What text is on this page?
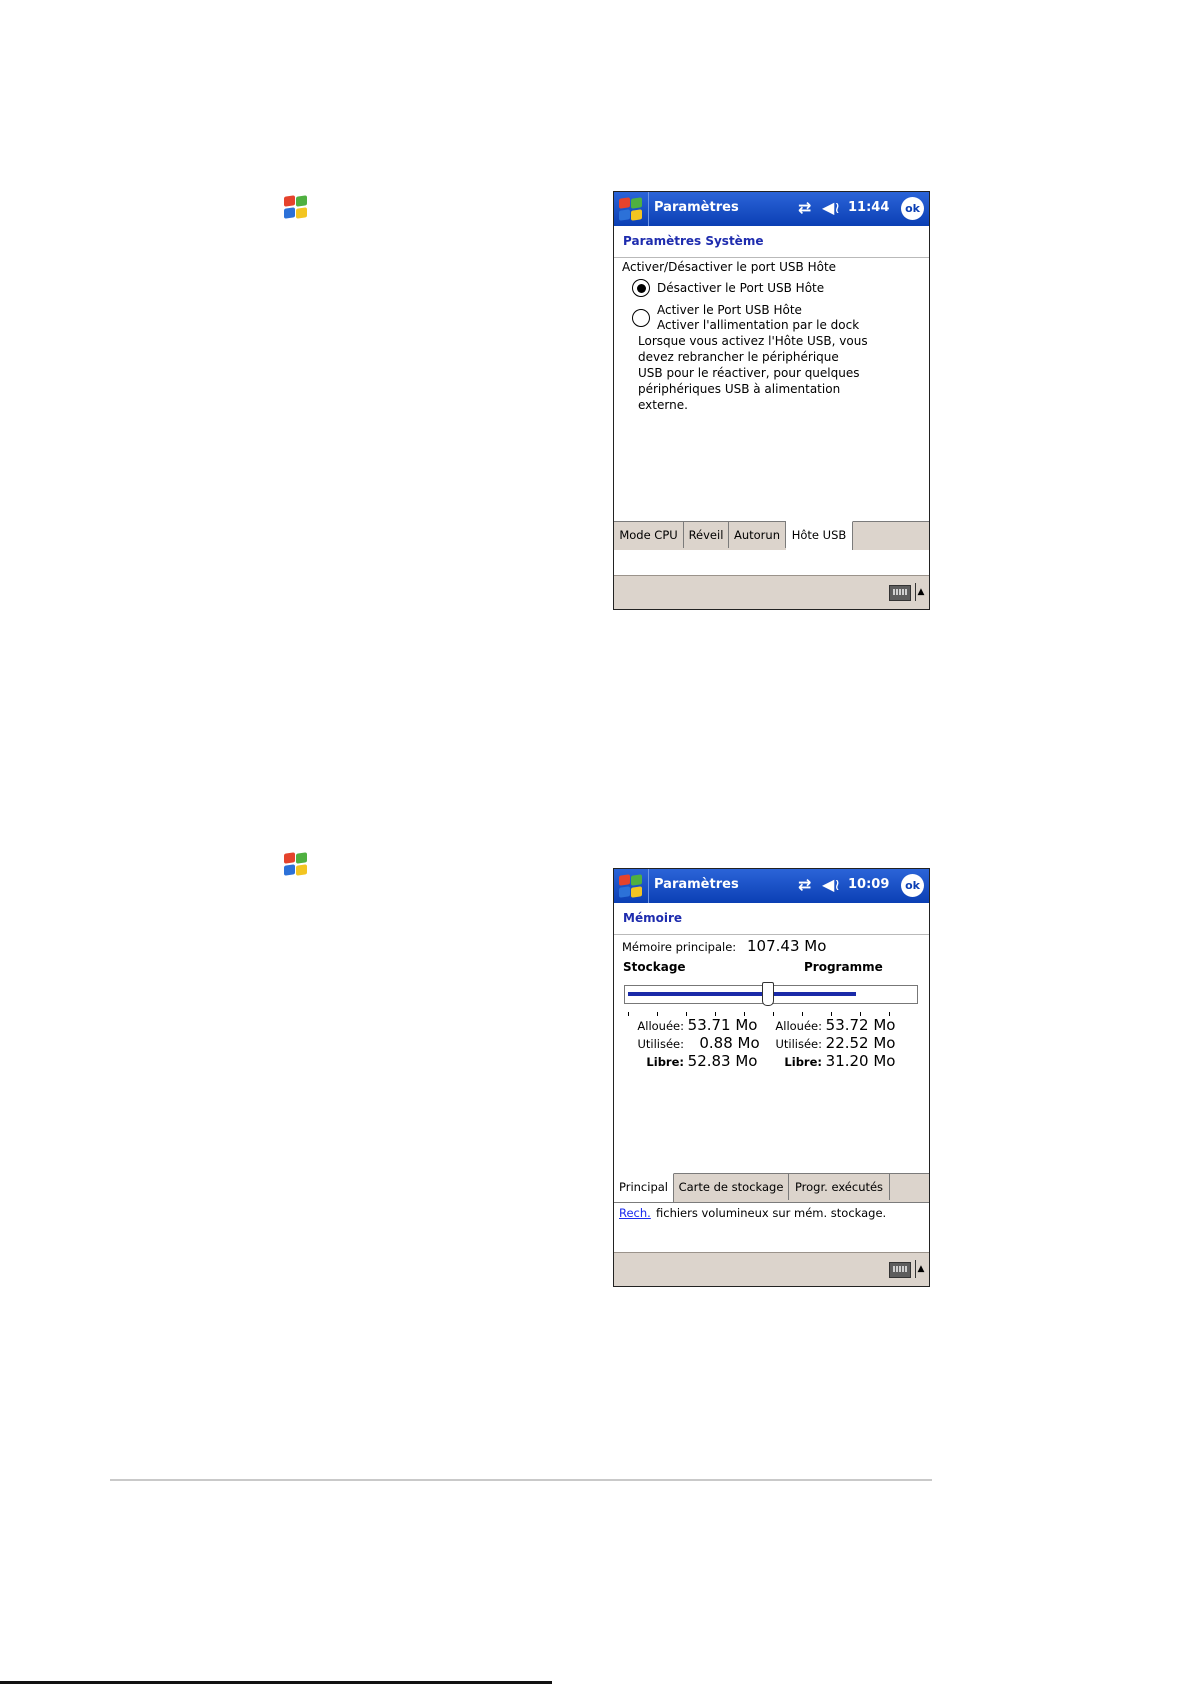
Paramètres	⇄ ◀≀ 11:44	ok
Paramètres Système
Activer/Désactiver le port USB Hôte
Désactiver le Port USB Hôte
Activer le Port USB Hôte
Activer l'allimentation par le dock
Lorsque vous activez l'Hôte USB, vous
devez rebrancher le périphérique
USB pour le réactiver, pour quelques
périphériques USB à alimentation
externe.
Mode CPU Réveil Autorun	Hôte USB
▲
Paramètres	⇄ ◀≀ 10:09	ok
Mémoire
Mémoire principale: 107.43 Mo
Stockage	Programme
Allouée: 53.71 Mo
Utilisée: 0.88 Mo
Libre: 52.83 Mo
Allouée: 53.72 Mo
Utilisée: 22.52 Mo
Libre: 31.20 Mo
Principal Carte de stockage	Progr. exécutés
Rech. fichiers volumineux sur mém. stockage.
▲
